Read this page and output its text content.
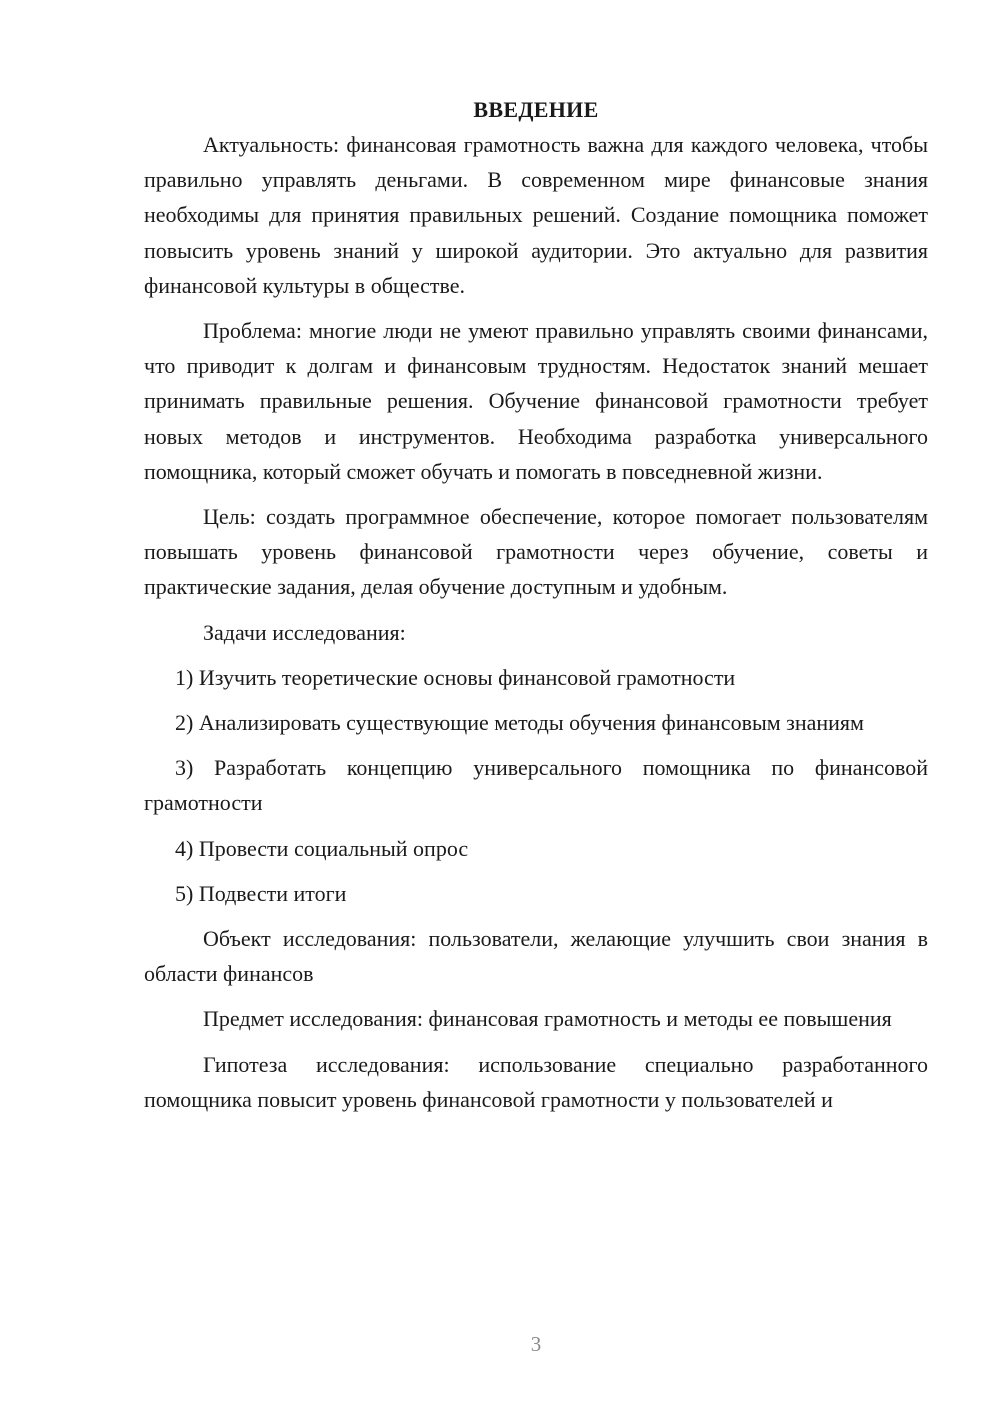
ВВЕДЕНИЕ

Актуальность: финансовая грамотность важна для каждого человека, чтобы правильно управлять деньгами. В современном мире финансовые знания необходимы для принятия правильных решений. Создание помощника поможет повысить уровень знаний у широкой аудитории. Это актуально для развития финансовой культуры в обществе.

Проблема: многие люди не умеют правильно управлять своими финансами, что приводит к долгам и финансовым трудностям. Недостаток знаний мешает принимать правильные решения. Обучение финансовой грамотности требует новых методов и инструментов. Необходима разработка универсального помощника, который сможет обучать и помогать в повседневной жизни.

Цель: создать программное обеспечение, которое помогает пользователям повышать уровень финансовой грамотности через обучение, советы и практические задания, делая обучение доступным и удобным.

Задачи исследования:

1) Изучить теоретические основы финансовой грамотности

2) Анализировать существующие методы обучения финансовым знаниям

3) Разработать концепцию универсального помощника по финансовой грамотности

4) Провести социальный опрос

5) Подвести итоги

Объект исследования: пользователи, желающие улучшить свои знания в области финансов

Предмет исследования: финансовая грамотность и методы ее повышения

Гипотеза исследования: использование специально разработанного помощника повысит уровень финансовой грамотности у пользователей и

3
